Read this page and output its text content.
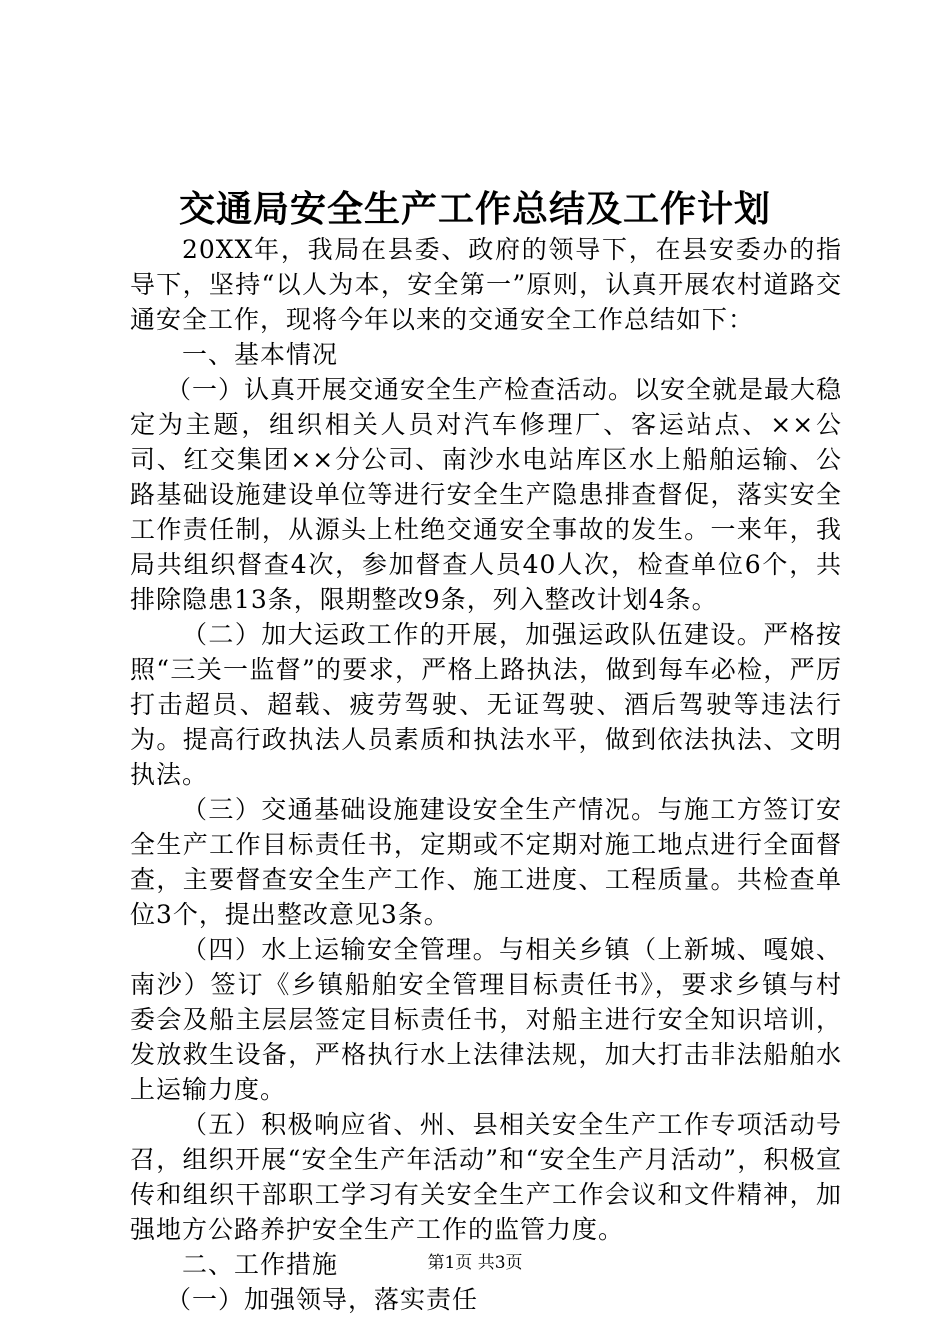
交通局安全生产工作总结及工作计划

20XX年，我局在县委、政府的领导下，在县安委办的指导下，坚持“以人为本，安全第一”原则，认真开展农村道路交通安全工作，现将今年以来的交通安全工作总结如下：

一、基本情况

（一）认真开展交通安全生产检查活动。以安全就是最大稳定为主题，组织相关人员对汽车修理厂、客运站点、××公司、红交集团××分公司、南沙水电站库区水上船舶运输、公路基础设施建设单位等进行安全生产隐患排查督促，落实安全工作责任制，从源头上杜绝交通安全事故的发生。一来年，我局共组织督查4次，参加督查人员40人次，检查单位6个，共排除隐患13条，限期整改9条，列入整改计划4条。

（二）加大运政工作的开展，加强运政队伍建设。严格按照“三关一监督”的要求，严格上路执法，做到每车必检，严厉打击超员、超载、疲劳驾驶、无证驾驶、酒后驾驶等违法行为。提高行政执法人员素质和执法水平，做到依法执法、文明执法。

（三）交通基础设施建设安全生产情况。与施工方签订安全生产工作目标责任书，定期或不定期对施工地点进行全面督查，主要督查安全生产工作、施工进度、工程质量。共检查单位3个，提出整改意见3条。

（四）水上运输安全管理。与相关乡镇（上新城、嘎娘、南沙）签订《乡镇船舶安全管理目标责任书》，要求乡镇与村委会及船主层层签定目标责任书，对船主进行安全知识培训，发放救生设备，严格执行水上法律法规，加大打击非法船舶水上运输力度。

（五）积极响应省、州、县相关安全生产工作专项活动号召，组织开展“安全生产年活动”和“安全生产月活动”，积极宣传和组织干部职工学习有关安全生产工作会议和文件精神，加强地方公路养护安全生产工作的监管力度。

二、工作措施

（一）加强领导，落实责任

第1页 共3页
